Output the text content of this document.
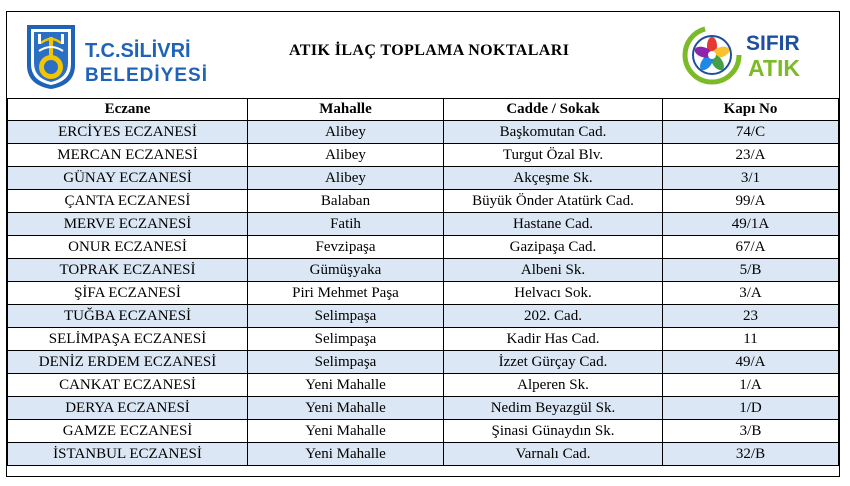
T.C.SİLİVRİ
BELEDİYESİ
ATIK İLAÇ TOPLAMA NOKTALARI	SIFIR
ATIK
Eczane	Mahalle	Cadde / Sokak	Kapı No
ERCİYES ECZANESİ	Alibey	Başkomutan Cad.	74/C
MERCAN ECZANESİ	Alibey	Turgut Özal Blv.	23/A
GÜNAY ECZANESİ	Alibey	Akçeşme Sk.	3/1
ÇANTA ECZANESİ	Balaban	Büyük Önder Atatürk Cad.	99/A
MERVE ECZANESİ	Fatih	Hastane Cad.	49/1A
ONUR ECZANESİ	Fevzipaşa	Gazipaşa Cad.	67/A
TOPRAK ECZANESİ	Gümüşyaka	Albeni Sk.	5/B
ŞİFA ECZANESİ	Piri Mehmet Paşa	Helvacı Sok.	3/A
TUĞBA ECZANESİ	Selimpaşa	202. Cad.	23
SELİMPAŞA ECZANESİ	Selimpaşa	Kadir Has Cad.	11
DENİZ ERDEM ECZANESİ	Selimpaşa	İzzet Gürçay Cad.	49/A
CANKAT ECZANESİ	Yeni Mahalle	Alperen Sk.	1/A
DERYA ECZANESİ	Yeni Mahalle	Nedim Beyazgül Sk.	1/D
GAMZE ECZANESİ	Yeni Mahalle	Şinasi Günaydın Sk.	3/B
İSTANBUL ECZANESİ	Yeni Mahalle	Varnalı Cad.	32/B
